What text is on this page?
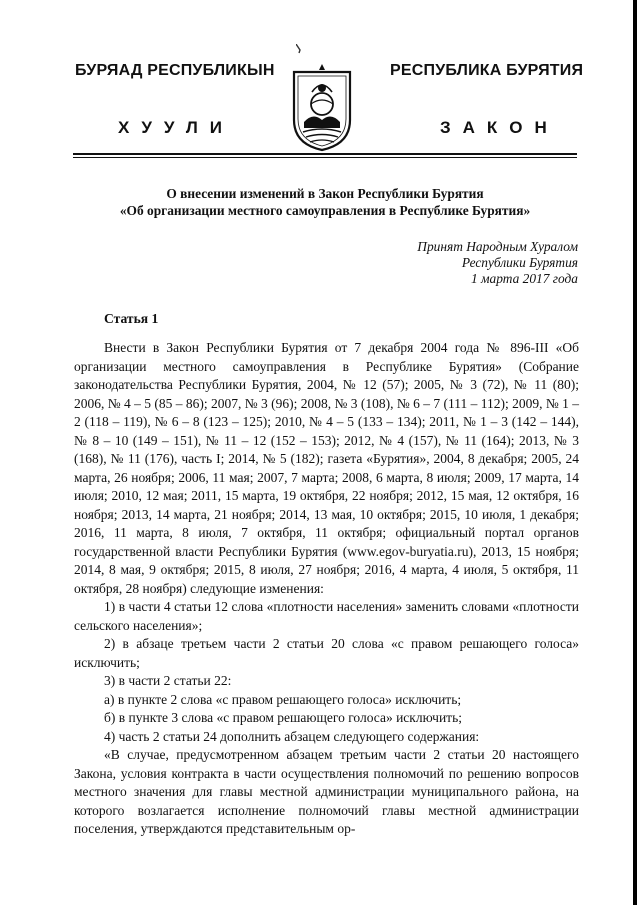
БУРЯАД РЕСПУБЛИКЫН	РЕСПУБЛИКА БУРЯТИЯ
ХУУЛИ	ЗАКОН
О внесении изменений в Закон Республики Бурятия
«Об организации местного самоуправления в Республике Бурятия»
Принят Народным Хуралом
Республики Бурятия
1 марта 2017 года
Статья 1

Внести в Закон Республики Бурятия от 7 декабря 2004 года № 896-III «Об организации местного самоуправления в Республике Бурятия» (Собрание законодательства Республики Бурятия, 2004, № 12 (57); 2005, № 3 (72), № 11 (80); 2006, № 4 – 5 (85 – 86); 2007, № 3 (96); 2008, № 3 (108), № 6 – 7 (111 – 112); 2009, № 1 – 2 (118 – 119), № 6 – 8 (123 – 125); 2010, № 4 – 5 (133 – 134); 2011, № 1 – 3 (142 – 144), № 8 – 10 (149 – 151), № 11 – 12 (152 – 153); 2012, № 4 (157), № 11 (164); 2013, № 3 (168), № 11 (176), часть I; 2014, № 5 (182); газета «Бурятия», 2004, 8 декабря; 2005, 24 марта, 26 ноября; 2006, 11 мая; 2007, 7 марта; 2008, 6 марта, 8 июля; 2009, 17 марта, 14 июля; 2010, 12 мая; 2011, 15 марта, 19 октября, 22 ноября; 2012, 15 мая, 12 октября, 16 ноября; 2013, 14 марта, 21 ноября; 2014, 13 мая, 10 октября; 2015, 10 июля, 1 декабря; 2016, 11 марта, 8 июля, 7 октября, 11 октября; официальный портал органов государственной власти Республики Бурятия (www.egov-buryatia.ru), 2013, 15 ноября; 2014, 8 мая, 9 октября; 2015, 8 июля, 27 ноября; 2016, 4 марта, 4 июля, 5 октября, 11 октября, 28 ноября) следующие изменения:

1) в части 4 статьи 12 слова «плотности населения» заменить словами «плотности сельского населения»;

2) в абзаце третьем части 2 статьи 20 слова «с правом решающего голоса» исключить;

3) в части 2 статьи 22:

а) в пункте 2 слова «с правом решающего голоса» исключить;

б) в пункте 3 слова «с правом решающего голоса» исключить;

4) часть 2 статьи 24 дополнить абзацем следующего содержания:

«В случае, предусмотренном абзацем третьим части 2 статьи 20 настоящего Закона, условия контракта в части осуществления полномочий по решению вопросов местного значения для главы местной администрации муниципального района, на которого возлагается исполнение полномочий главы местной администрации поселения, утверждаются представительным ор-
